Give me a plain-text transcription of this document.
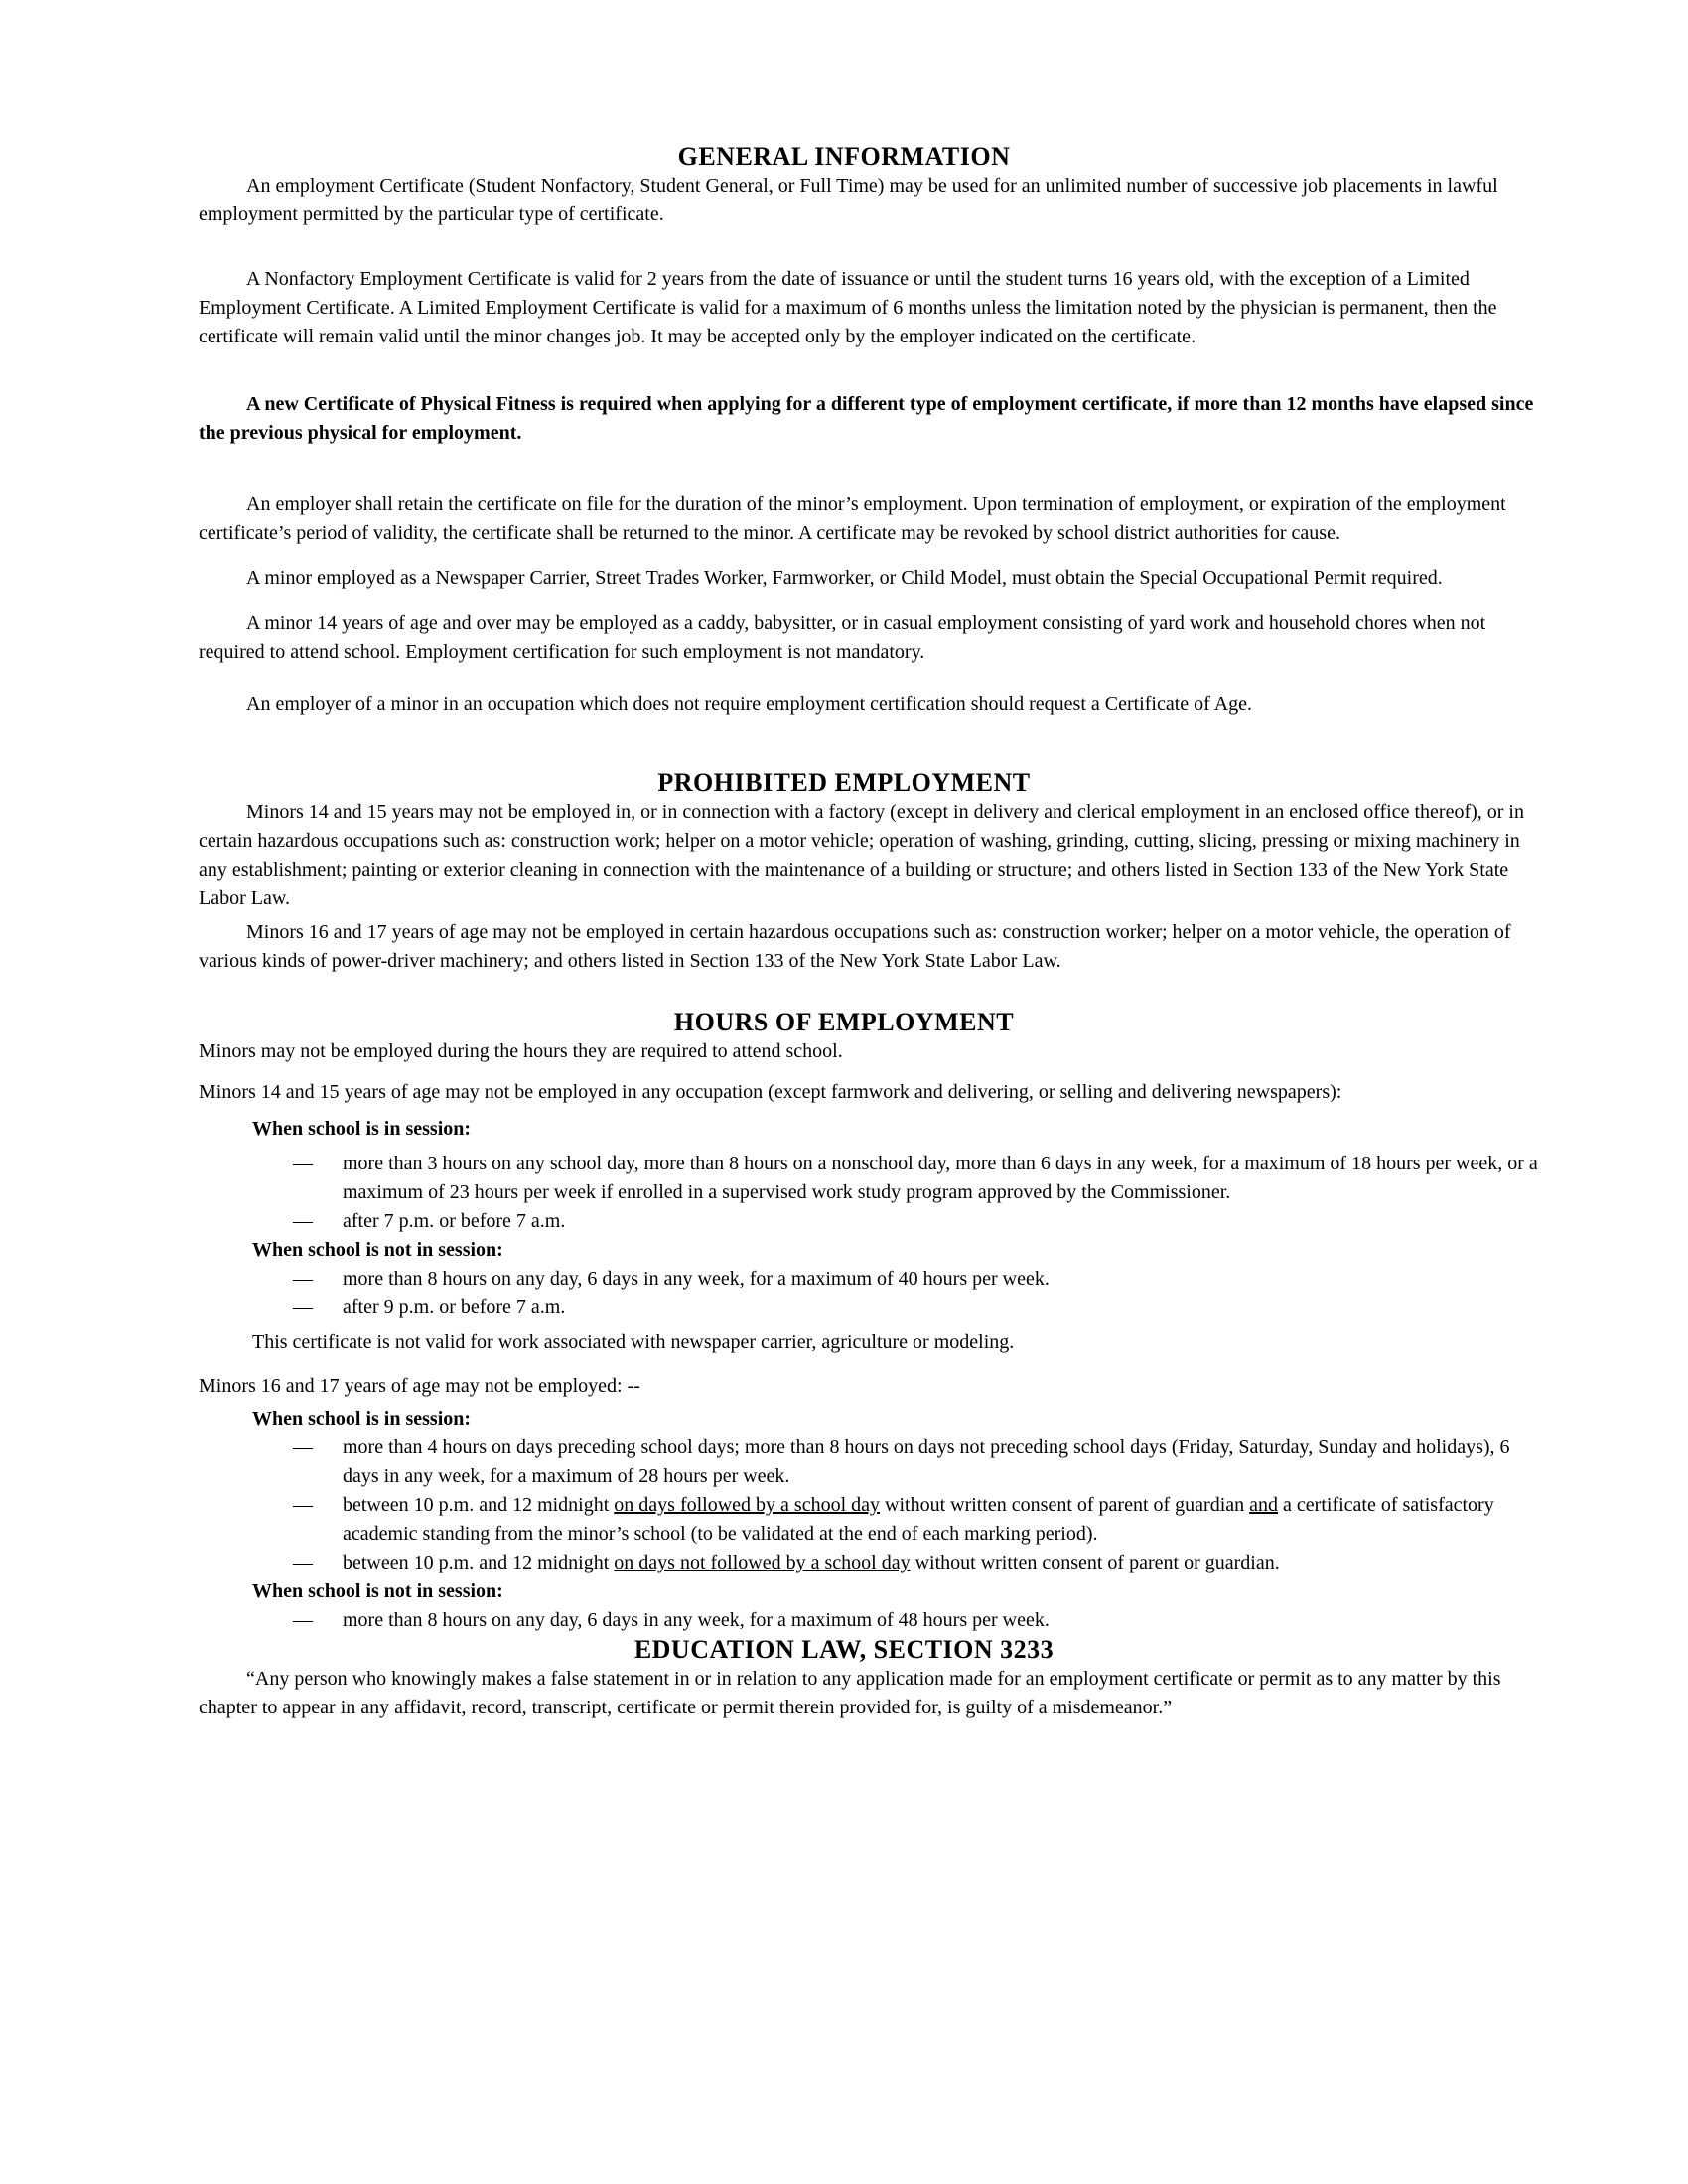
GENERAL INFORMATION

An employment Certificate (Student Nonfactory, Student General, or Full Time) may be used for an unlimited number of successive job placements in lawful employment permitted by the particular type of certificate.

A Nonfactory Employment Certificate is valid for 2 years from the date of issuance or until the student turns 16 years old, with the exception of a Limited Employment Certificate. A Limited Employment Certificate is valid for a maximum of 6 months unless the limitation noted by the physician is permanent, then the certificate will remain valid until the minor changes job. It may be accepted only by the employer indicated on the certificate.

A new Certificate of Physical Fitness is required when applying for a different type of employment certificate, if more than 12 months have elapsed since the previous physical for employment.

An employer shall retain the certificate on file for the duration of the minor’s employment. Upon termination of employment, or expiration of the employment certificate’s period of validity, the certificate shall be returned to the minor. A certificate may be revoked by school district authorities for cause.

A minor employed as a Newspaper Carrier, Street Trades Worker, Farmworker, or Child Model, must obtain the Special Occupational Permit required.

A minor 14 years of age and over may be employed as a caddy, babysitter, or in casual employment consisting of yard work and household chores when not required to attend school. Employment certification for such employment is not mandatory.

An employer of a minor in an occupation which does not require employment certification should request a Certificate of Age.

PROHIBITED EMPLOYMENT

Minors 14 and 15 years may not be employed in, or in connection with a factory (except in delivery and clerical employment in an enclosed office thereof), or in certain hazardous occupations such as: construction work; helper on a motor vehicle; operation of washing, grinding, cutting, slicing, pressing or mixing machinery in any establishment; painting or exterior cleaning in connection with the maintenance of a building or structure; and others listed in Section 133 of the New York State Labor Law.

Minors 16 and 17 years of age may not be employed in certain hazardous occupations such as: construction worker; helper on a motor vehicle, the operation of various kinds of power-driver machinery; and others listed in Section 133 of the New York State Labor Law.

HOURS OF EMPLOYMENT

Minors may not be employed during the hours they are required to attend school.

Minors 14 and 15 years of age may not be employed in any occupation (except farmwork and delivering, or selling and delivering newspapers):

When school is in session:

—	more than 3 hours on any school day, more than 8 hours on a nonschool day, more than 6 days in any week, for a maximum of 18 hours per week, or a maximum of 23 hours per week if enrolled in a supervised work study program approved by the Commissioner.
—	after 7 p.m. or before 7 a.m.

When school is not in session:

—	more than 8 hours on any day, 6 days in any week, for a maximum of 40 hours per week.
—	after 9 p.m. or before 7 a.m.

This certificate is not valid for work associated with newspaper carrier, agriculture or modeling.

Minors 16 and 17 years of age may not be employed: --

When school is in session:

—	more than 4 hours on days preceding school days; more than 8 hours on days not preceding school days (Friday, Saturday, Sunday and holidays), 6 days in any week, for a maximum of 28 hours per week.
—	between 10 p.m. and 12 midnight on days followed by a school day without written consent of parent of guardian and a certificate of satisfactory academic standing from the minor’s school (to be validated at the end of each marking period).
—	between 10 p.m. and 12 midnight on days not followed by a school day without written consent of parent or guardian.

When school is not in session:

—	more than 8 hours on any day, 6 days in any week, for a maximum of 48 hours per week.
EDUCATION LAW, SECTION 3233

“Any person who knowingly makes a false statement in or in relation to any application made for an employment certificate or permit as to any matter by this chapter to appear in any affidavit, record, transcript, certificate or permit therein provided for, is guilty of a misdemeanor.”
